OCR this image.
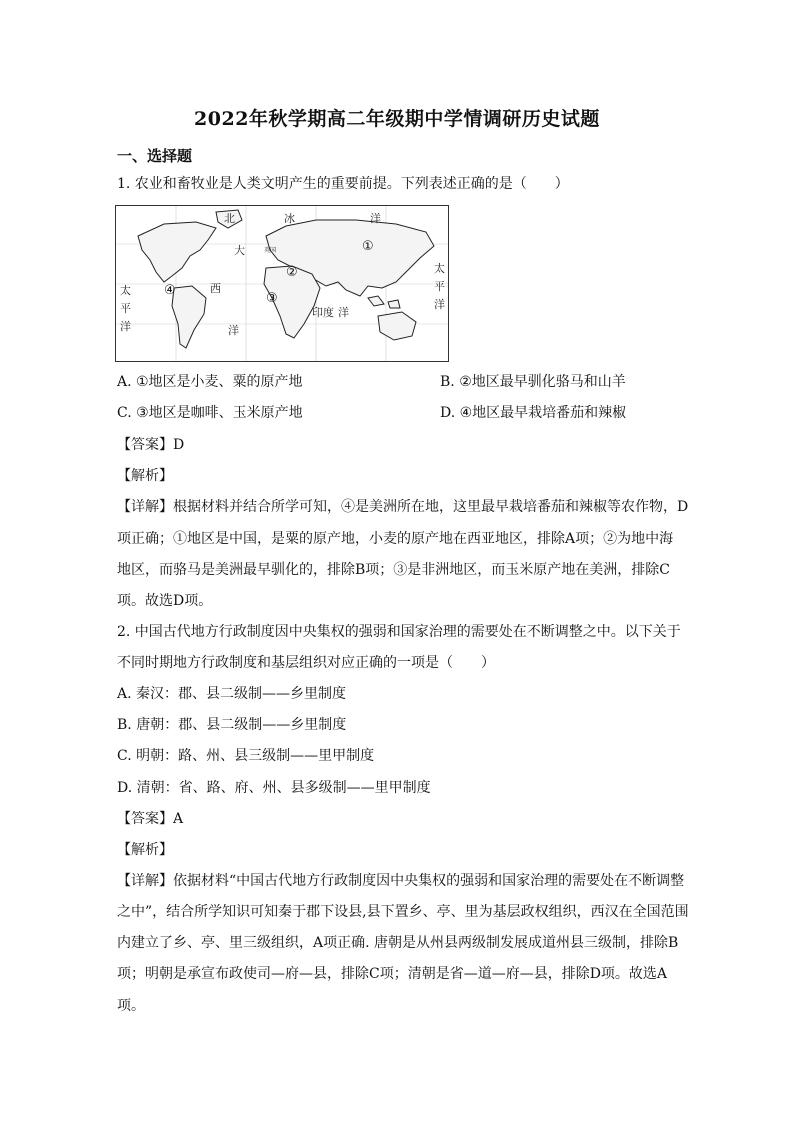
2022年秋学期高二年级期中学情调研历史试题
一、选择题
1. 农业和畜牧业是人类文明产生的重要前提。下列表述正确的是（　　）
北	冰	洋
大
太
平
洋
西
洋
印度 洋
太
平
洋
英国	①
②
③
④
A. ①地区是小麦、粟的原产地	B. ②地区最早驯化骆马和山羊
C. ③地区是咖啡、玉米原产地	D. ④地区最早栽培番茄和辣椒
【答案】D
【解析】
【详解】根据材料并结合所学可知，④是美洲所在地，这里最早栽培番茄和辣椒等农作物，D
项正确；①地区是中国，是粟的原产地，小麦的原产地在西亚地区，排除A项；②为地中海
地区，而骆马是美洲最早驯化的，排除B项；③是非洲地区，而玉米原产地在美洲，排除C
项。故选D项。
2. 中国古代地方行政制度因中央集权的强弱和国家治理的需要处在不断调整之中。以下关于
不同时期地方行政制度和基层组织对应正确的一项是（　　）
A. 秦汉：郡、县二级制——乡里制度
B. 唐朝：郡、县二级制——乡里制度
C. 明朝：路、州、县三级制——里甲制度
D. 清朝：省、路、府、州、县多级制——里甲制度
【答案】A
【解析】
【详解】依据材料“中国古代地方行政制度因中央集权的强弱和国家治理的需要处在不断调整
之中”，结合所学知识可知秦于郡下设县,县下置乡、亭、里为基层政权组织，西汉在全国范围
内建立了乡、亭、里三级组织，A项正确. 唐朝是从州县两级制发展成道州县三级制，排除B
项；明朝是承宣布政使司—府—县，排除C项；清朝是省—道—府—县，排除D项。故选A
项。
